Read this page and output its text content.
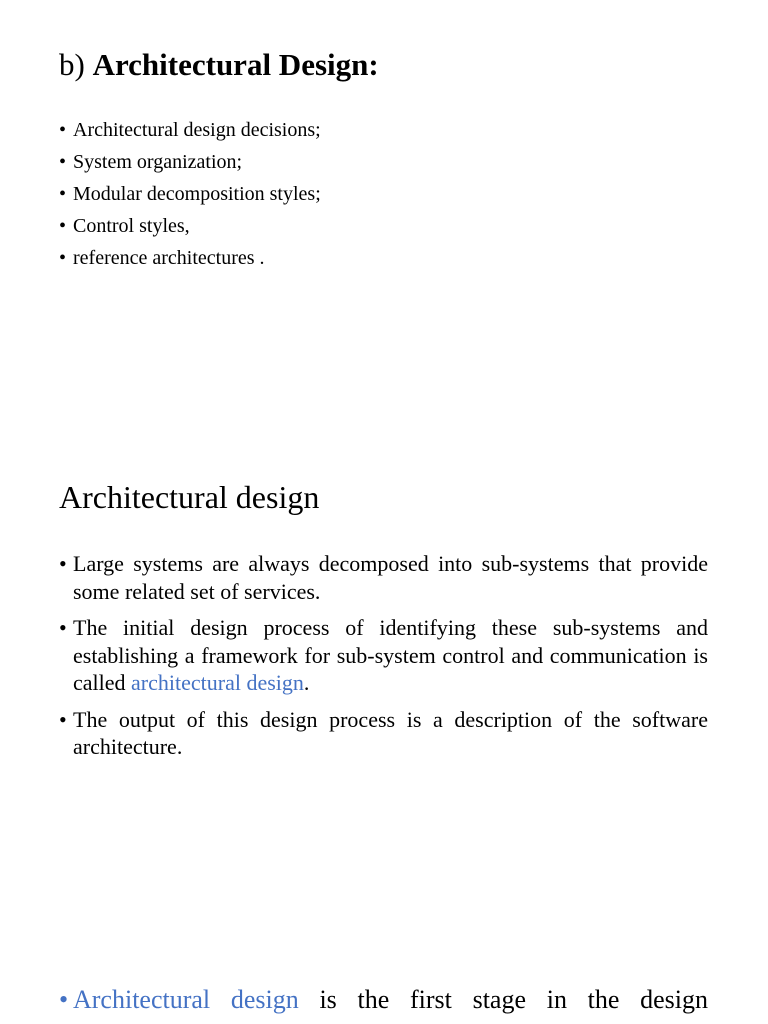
b) Architectural Design:
• Architectural design decisions;
• System organization;
• Modular decomposition styles;
• Control styles,
• reference architectures .
Architectural design
• Large systems are always decomposed into sub-systems that provide some related set of services.
• The initial design process of identifying these sub-systems and establishing a framework for sub-system control and communication is called architectural design.
• The output of this design process is a description of the software architecture.
• Architectural design is the first stage in the design
